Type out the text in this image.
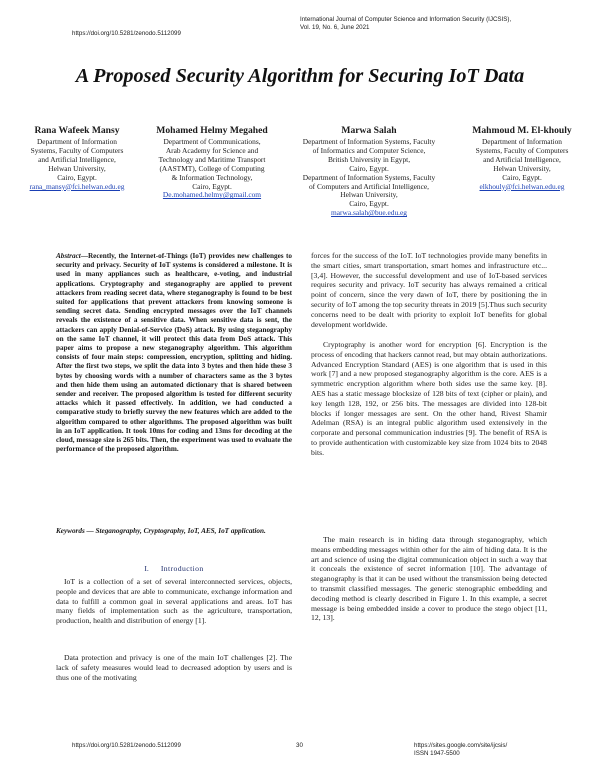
https://doi.org/10.5281/zenodo.5112099
International Journal of Computer Science and Information Security (IJCSIS),
Vol. 19, No. 6, June 2021
A Proposed Security Algorithm for Securing IoT Data
Rana Wafeek Mansy
Department of Information
Systems, Faculty of Computers
and Artificial Intelligence,
Helwan University,
Cairo, Egypt.
rana_mansy@fci.helwan.edu.eg
Mohamed Helmy Megahed
Department of Communications,
Arab Academy for Science and
Technology and Maritime Transport
(AASTMT), College of Computing
& Information Technology,
Cairo, Egypt.
De.mohamed.helmy@gmail.com
Marwa Salah
Department of Information Systems, Faculty
of Informatics and Computer Science,
British University in Egypt,
Cairo, Egypt.
Department of Information Systems, Faculty
of Computers and Artificial Intelligence,
Helwan University,
Cairo, Egypt.
marwa.salah@bue.edu.eg
Mahmoud M. El-khouly
Department of Information
Systems, Faculty of Computers
and Artificial Intelligence,
Helwan University,
Cairo, Egypt.
elkhouly@fci.helwan.edu.eg
Abstract—Recently, the Internet-of-Things (IoT) provides new challenges to security and privacy. Security of IoT systems is considered a milestone. It is used in many appliances such as healthcare, e-voting, and industrial applications. Cryptography and steganography are applied to prevent attackers from reading secret data, where steganography is found to be best suited for applications that prevent attackers from knowing someone is sending secret data. Sending encrypted messages over the IoT channels reveals the existence of a sensitive data. When sensitive data is sent, the attackers can apply Denial-of-Service (DoS) attack. By using steganography on the same IoT channel, it will protect this data from DoS attack. This paper aims to propose a new steganography algorithm. This algorithm consists of four main steps: compression, encryption, splitting and hiding. After the first two steps, we split the data into 3 bytes and then hide these 3 bytes by choosing words with a number of characters same as the 3 bytes and then hide them using an automated dictionary that is shared between sender and receiver. The proposed algorithm is tested for different security attacks which it passed effectively. In addition, we had conducted a comparative study to briefly survey the new features which are added to the algorithm compared to other algorithms. The proposed algorithm was built in an IoT application. It took 10ms for coding and 13ms for decoding at the cloud, message size is 265 bits. Then, the experiment was used to evaluate the performance of the proposed algorithm.
Keywords — Steganography, Cryptography, IoT, AES, IoT application.
I. Introduction
IoT is a collection of a set of several interconnected services, objects, people and devices that are able to communicate, exchange information and data to fulfill a common goal in several applications and areas. IoT has many fields of implementation such as the agriculture, transportation, production, health and distribution of energy [1].
Data protection and privacy is one of the main IoT challenges [2]. The lack of safety measures would lead to decreased adoption by users and is thus one of the motivating
forces for the success of the IoT. IoT technologies provide many benefits in the smart cities, smart transportation, smart homes and infrastructure etc... [3,4]. However, the successful development and use of IoT-based services requires security and privacy. IoT security has always remained a critical point of concern, since the very dawn of IoT, there by positioning the in security of IoT among the top security threats in 2019 [5].Thus such security concerns need to be dealt with priority to exploit IoT benefits for global development worldwide.
Cryptography is another word for encryption [6]. Encryption is the process of encoding that hackers cannot read, but may obtain authorizations. Advanced Encryption Standard (AES) is one algorithm that is used in this work [7] and a new proposed steganography algorithm is the core. AES is a symmetric encryption algorithm where both sides use the same key. [8]. AES has a static message blocksize of 128 bits of text (cipher or plain), and key length 128, 192, or 256 bits. The messages are divided into 128-bit blocks if longer messages are sent. On the other hand, Rivest Shamir Adelman (RSA) is an integral public algorithm used extensively in the corporate and personal communication industries [9]. The benefit of RSA is to provide authentication with customizable key size from 1024 bits to 2048 bits.
The main research is in hiding data through steganography, which means embedding messages within other for the aim of hiding data. It is the art and science of using the digital communication object in such a way that it conceals the existence of secret information [10]. The advantage of steganography is that it can be used without the transmission being detected to transmit classified messages. The generic stenographic embedding and decoding method is clearly described in Figure 1. In this example, a secret message is being embedded inside a cover to produce the stego object [11, 12, 13].
https://doi.org/10.5281/zenodo.5112099	30	https://sites.google.com/site/ijcsis/
ISSN 1947-5500
